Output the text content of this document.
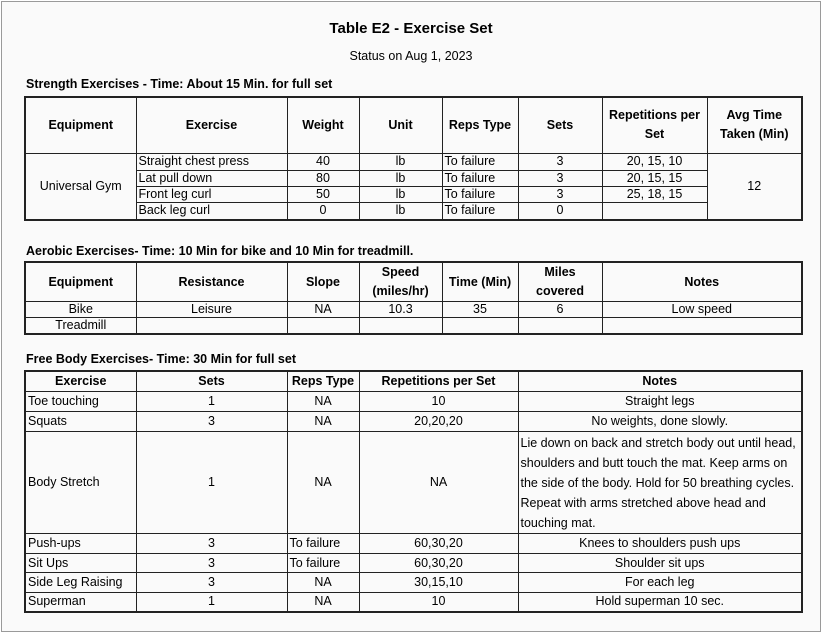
Table E2 - Exercise Set
Status on Aug 1, 2023
Strength Exercises - Time: About 15 Min. for full set
Equipment	Exercise	Weight	Unit	Reps Type	Sets	Repetitions per Set	Avg Time Taken (Min)
Universal Gym	Straight chest press	40	lb	To failure	3	20, 15, 10	12
	Lat pull down	80	lb	To failure	3	20, 15, 15	
	Front leg curl	50	lb	To failure	3	25, 18, 15	
	Back leg curl	0	lb	To failure	0		
Aerobic Exercises- Time: 10 Min for bike and 10 Min for treadmill.
Equipment	Resistance	Slope	Speed (miles/hr)	Time (Min)	Miles covered	Notes
Bike	Leisure	NA	10.3	35	6	Low speed
Treadmill						
Free Body Exercises- Time: 30 Min for full set
Exercise	Sets	Reps Type	Repetitions per Set	Notes
Toe touching	1	NA	10	Straight legs
Squats	3	NA	20,20,20	No weights, done slowly.
Body Stretch	1	NA	NA	Lie down on back and stretch body out until head, shoulders and butt touch the mat. Keep arms on the side of the body. Hold for 50 breathing cycles. Repeat with arms stretched above head and touching mat.
Push-ups	3	To failure	60,30,20	Knees to shoulders push ups
Sit Ups	3	To failure	60,30,20	Shoulder sit ups
Side Leg Raising	3	NA	30,15,10	For each leg
Superman	1	NA	10	Hold superman 10 sec.
